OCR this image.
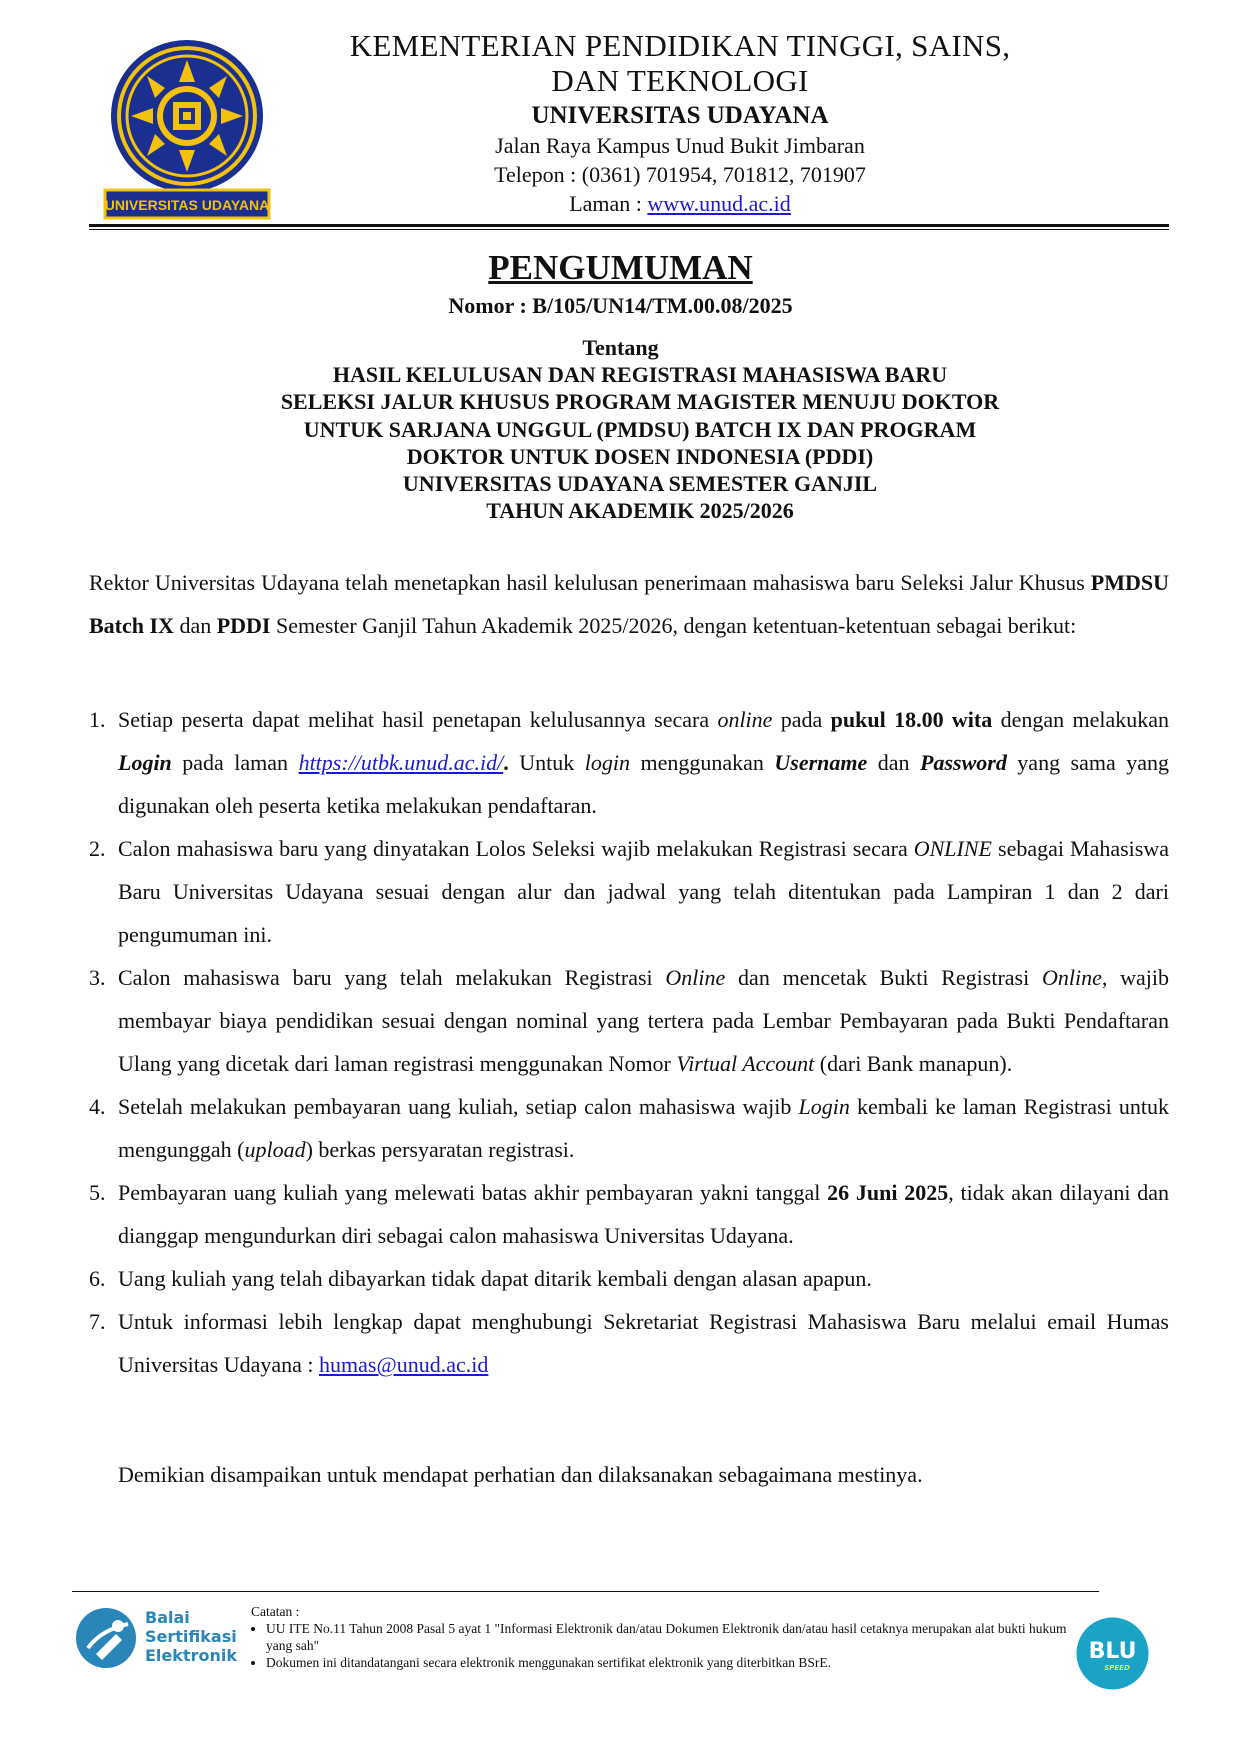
UNIVERSITAS UDAYANA
KEMENTERIAN PENDIDIKAN TINGGI, SAINS,
DAN TEKNOLOGI
UNIVERSITAS UDAYANA
Jalan Raya Kampus Unud Bukit Jimbaran
Telepon : (0361) 701954, 701812, 701907
Laman : www.unud.ac.id
PENGUMUMAN
Nomor : B/105/UN14/TM.00.08/2025
Tentang
HASIL KELULUSAN DAN REGISTRASI MAHASISWA BARU
SELEKSI JALUR KHUSUS PROGRAM MAGISTER MENUJU DOKTOR
UNTUK SARJANA UNGGUL (PMDSU) BATCH IX DAN PROGRAM
DOKTOR UNTUK DOSEN INDONESIA (PDDI)
UNIVERSITAS UDAYANA SEMESTER GANJIL
TAHUN AKADEMIK 2025/2026
Rektor Universitas Udayana telah menetapkan hasil kelulusan penerimaan mahasiswa baru Seleksi Jalur Khusus PMDSU Batch IX dan PDDI Semester Ganjil Tahun Akademik 2025/2026, dengan ketentuan-ketentuan sebagai berikut:
1. Setiap peserta dapat melihat hasil penetapan kelulusannya secara online pada pukul 18.00 wita dengan melakukan Login pada laman https://utbk.unud.ac.id/. Untuk login menggunakan Username dan Password yang sama yang digunakan oleh peserta ketika melakukan pendaftaran.
2. Calon mahasiswa baru yang dinyatakan Lolos Seleksi wajib melakukan Registrasi secara ONLINE sebagai Mahasiswa Baru Universitas Udayana sesuai dengan alur dan jadwal yang telah ditentukan pada Lampiran 1 dan 2 dari pengumuman ini.
3. Calon mahasiswa baru yang telah melakukan Registrasi Online dan mencetak Bukti Registrasi Online, wajib membayar biaya pendidikan sesuai dengan nominal yang tertera pada Lembar Pembayaran pada Bukti Pendaftaran Ulang yang dicetak dari laman registrasi menggunakan Nomor Virtual Account (dari Bank manapun).
4. Setelah melakukan pembayaran uang kuliah, setiap calon mahasiswa wajib Login kembali ke laman Registrasi untuk mengunggah (upload) berkas persyaratan registrasi.
5. Pembayaran uang kuliah yang melewati batas akhir pembayaran yakni tanggal 26 Juni 2025, tidak akan dilayani dan dianggap mengundurkan diri sebagai calon mahasiswa Universitas Udayana.
6. Uang kuliah yang telah dibayarkan tidak dapat ditarik kembali dengan alasan apapun.
7. Untuk informasi lebih lengkap dapat menghubungi Sekretariat Registrasi Mahasiswa Baru melalui email Humas Universitas Udayana : humas@unud.ac.id
Demikian disampaikan untuk mendapat perhatian dan dilaksanakan sebagaimana mestinya.
Balai
Sertifikasi
Elektronik
Catatan :
• UU ITE No.11 Tahun 2008 Pasal 5 ayat 1 "Informasi Elektronik dan/atau Dokumen Elektronik dan/atau hasil cetaknya merupakan alat bukti hukum yang sah"
• Dokumen ini ditandatangani secara elektronik menggunakan sertifikat elektronik yang diterbitkan BSrE.	BLU
SPEED
